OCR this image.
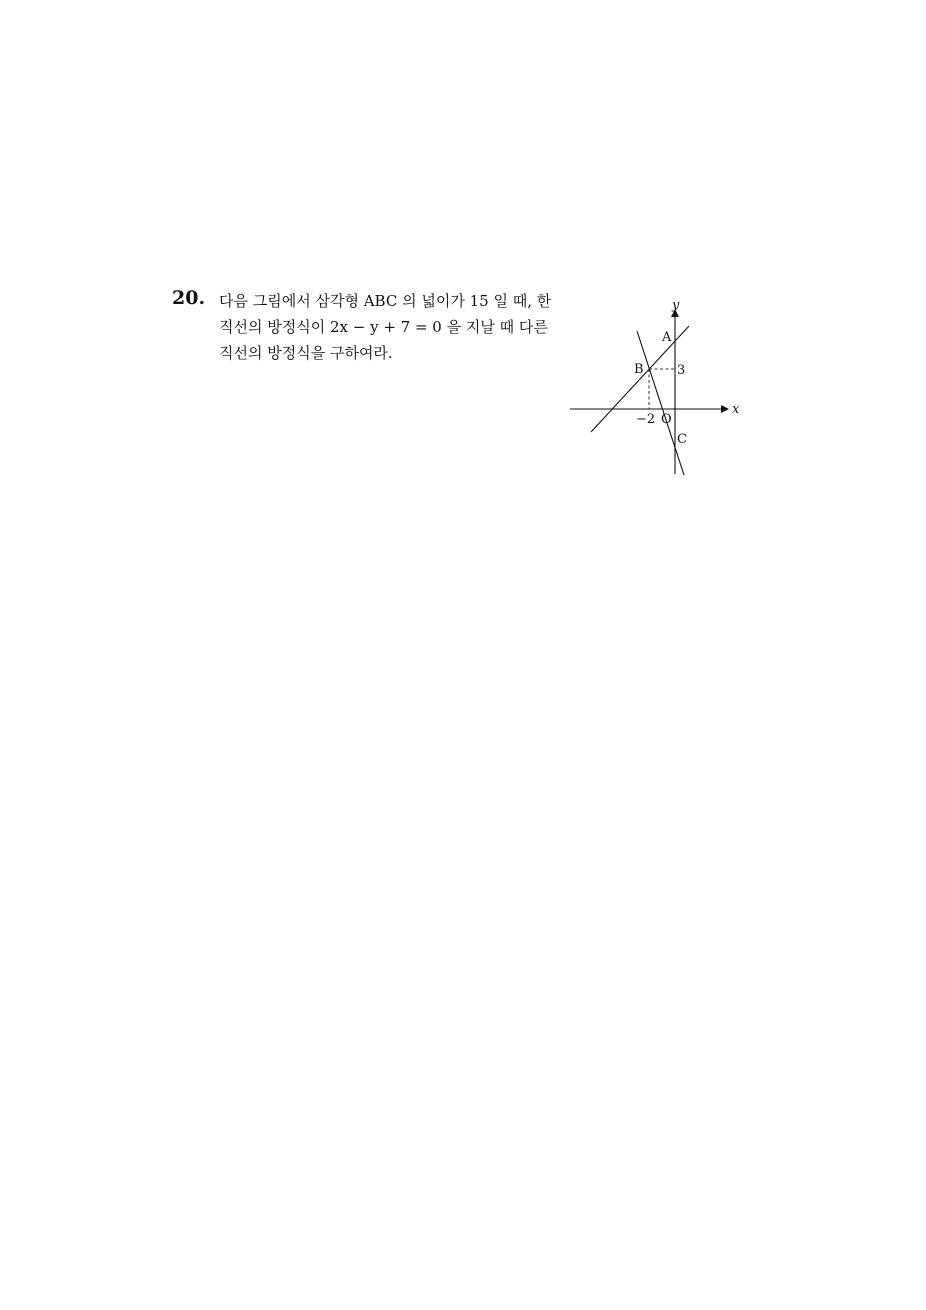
20. 다음 그림에서 삼각형 ABC 의 넓이가 15 일 때, 한
직선의 방정식이 2x − y + 7 = 0 을 지날 때 다른
직선의 방정식을 구하여라.
y
x
A
B	3
−2 O
C
